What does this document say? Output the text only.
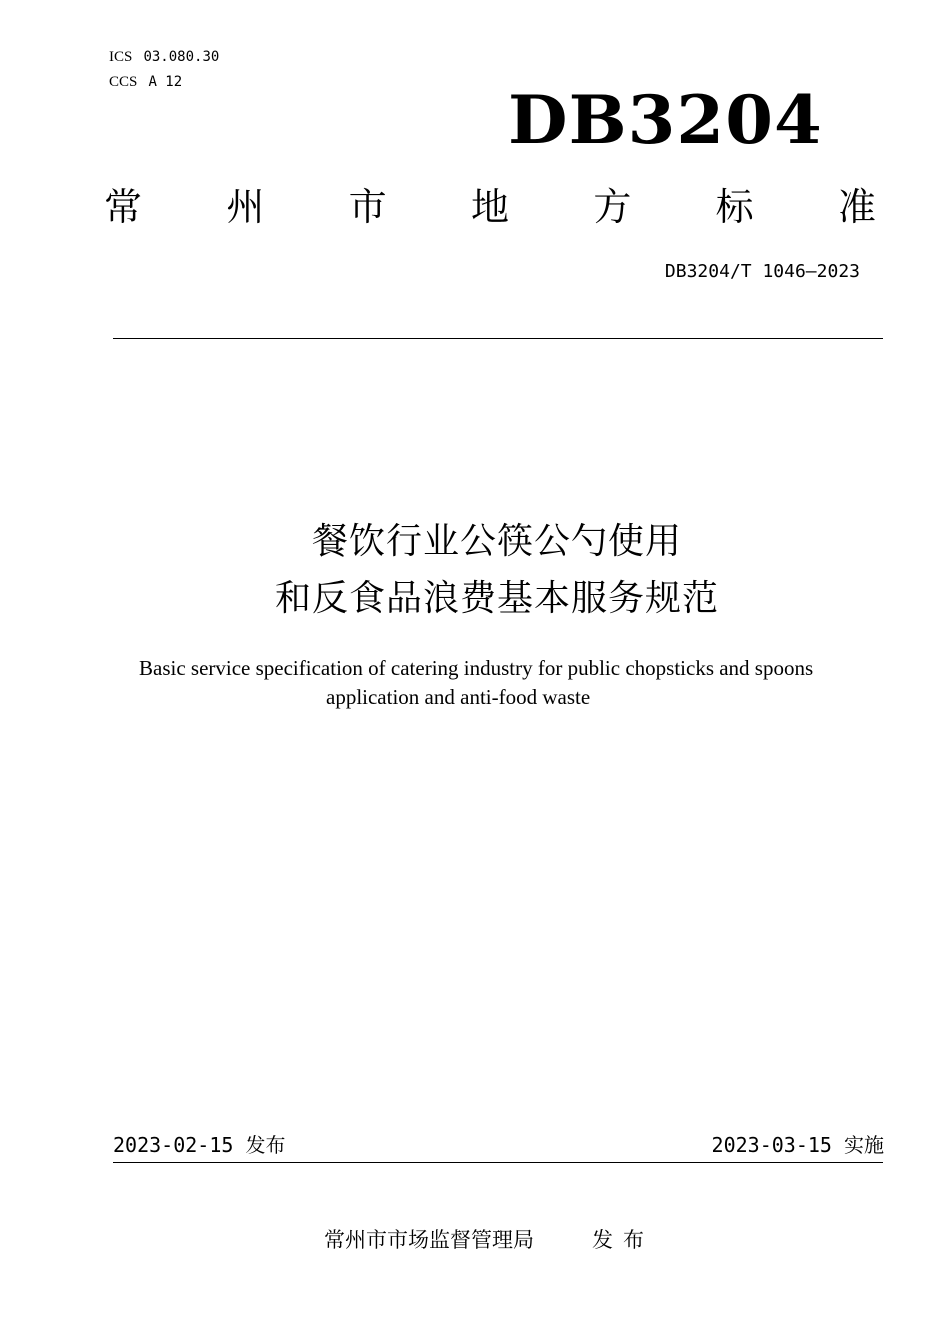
ICS 03.080.30
CCS A 12	DB3204
常 州 市 地 方 标 准
DB3204/T 1046—2023
餐饮行业公筷公勺使用
和反食品浪费基本服务规范
Basic service specification of catering industry for public chopsticks and spoons
application and anti-food waste
2023-02-15 发布	2023-03-15 实施
常州市市场监督管理局	发布
